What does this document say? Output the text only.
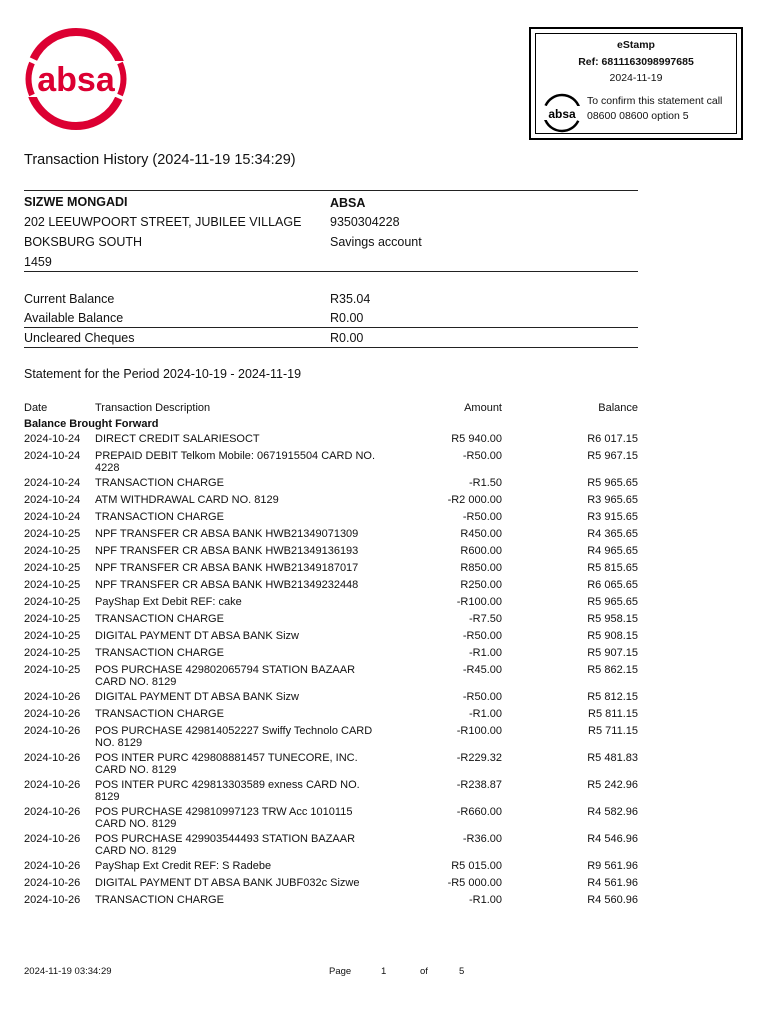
absa
eStamp
Ref: 6811163098997685
2024-11-19
absa
To confirm this statement call
08600 08600 option 5
Transaction History (2024-11-19 15:34:29)
SIZWE MONGADI
202 LEEUWPOORT STREET, JUBILEE VILLAGE
BOKSBURG SOUTH
1459
ABSA
9350304228
Savings account
Current Balance	R35.04
Available Balance	R0.00
Uncleared Cheques	R0.00
Statement for the Period 2024-10-19 - 2024-11-19
Date	Transaction Description	Amount	Balance
Balance Brought Forward
2024-10-24 DIRECT CREDIT SALARIESOCT	R5 940.00	R6 017.15
2024-10-24 PREPAID DEBIT Telkom Mobile: 0671915504 CARD NO. 4228
-R50.00	R5 967.15
2024-10-24 TRANSACTION CHARGE	-R1.50	R5 965.65
2024-10-24 ATM WITHDRAWAL CARD NO. 8129	-R2 000.00	R3 965.65
2024-10-24 TRANSACTION CHARGE	-R50.00	R3 915.65
2024-10-25 NPF TRANSFER CR ABSA BANK HWB21349071309	R450.00	R4 365.65
2024-10-25 NPF TRANSFER CR ABSA BANK HWB21349136193	R600.00	R4 965.65
2024-10-25 NPF TRANSFER CR ABSA BANK HWB21349187017	R850.00	R5 815.65
2024-10-25 NPF TRANSFER CR ABSA BANK HWB21349232448	R250.00	R6 065.65
2024-10-25 PayShap Ext Debit REF: cake	-R100.00	R5 965.65
2024-10-25 TRANSACTION CHARGE	-R7.50	R5 958.15
2024-10-25 DIGITAL PAYMENT DT ABSA BANK Sizw	-R50.00	R5 908.15
2024-10-25 TRANSACTION CHARGE	-R1.00	R5 907.15
2024-10-25 POS PURCHASE 429802065794 STATION BAZAAR CARD NO. 8129
-R45.00	R5 862.15
2024-10-26 DIGITAL PAYMENT DT ABSA BANK Sizw	-R50.00	R5 812.15
2024-10-26 TRANSACTION CHARGE	-R1.00	R5 811.15
2024-10-26 POS PURCHASE 429814052227 Swiffy Technolo CARD NO. 8129
-R100.00	R5 711.15
2024-10-26 POS INTER PURC 429808881457 TUNECORE, INC. CARD NO. 8129
-R229.32	R5 481.83
2024-10-26 POS INTER PURC 429813303589 exness CARD NO. 8129
-R238.87	R5 242.96
2024-10-26 POS PURCHASE 429810997123 TRW Acc 1010115 CARD NO. 8129
-R660.00	R4 582.96
2024-10-26 POS PURCHASE 429903544493 STATION BAZAAR CARD NO. 8129
-R36.00	R4 546.96
2024-10-26 PayShap Ext Credit REF: S Radebe	R5 015.00	R9 561.96
2024-10-26 DIGITAL PAYMENT DT ABSA BANK JUBF032c Sizwe	-R5 000.00	R4 561.96
2024-10-26 TRANSACTION CHARGE	-R1.00	R4 560.96
2024-11-19 03:34:29	Page	1	of	5
